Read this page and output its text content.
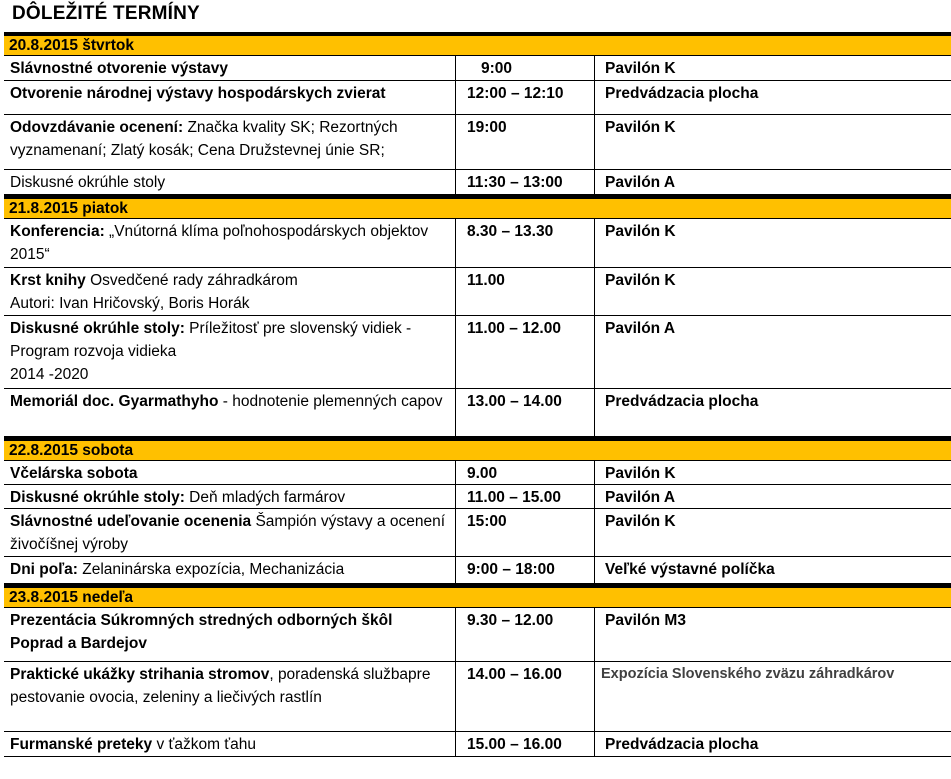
DÔLEŽITÉ TERMÍNY
20.8.2015 štvrtok
Slávnostné otvorenie výstavy	9:00	Pavilón K
Otvorenie národnej výstavy hospodárskych zvierat	12:00 – 12:10	Predvádzacia plocha
Odovzdávanie ocenení: Značka kvality SK; Rezortných vyznamenaní; Zlatý kosák; Cena Družstevnej únie SR;
19:00	Pavilón K
Diskusné okrúhle stoly	11:30 – 13:00	Pavilón A
21.8.2015 piatok
Konferencia: „Vnútorná klíma poľnohospodárskych objektov 2015“
8.30 – 13.30	Pavilón K
Krst knihy Osvedčené rady záhradkárom
Autori: Ivan Hričovský, Boris Horák
11.00	Pavilón K
Diskusné okrúhle stoly: Príležitosť pre slovenský vidiek - Program rozvoja vidieka
2014 -2020
11.00 – 12.00	Pavilón A
Memoriál doc. Gyarmathyho - hodnotenie plemenných capov	13.00 – 14.00	Predvádzacia plocha
22.8.2015 sobota
Včelárska sobota	9.00	Pavilón K
Diskusné okrúhle stoly: Deň mladých farmárov	11.00 – 15.00	Pavilón A
Slávnostné udeľovanie ocenenia Šampión výstavy a ocenení živočíšnej výroby
15:00	Pavilón K
Dni poľa: Zelaninárska expozícia, Mechanizácia	9:00 – 18:00	Veľké výstavné políčka
23.8.2015 nedeľa
Prezentácia Súkromných stredných odborných škôl Poprad a Bardejov
9.30 – 12.00	Pavilón M3
Praktické ukážky strihania stromov, poradenská službapre pestovanie ovocia, zeleniny a liečivých rastlín
14.00 – 16.00	Expozícia Slovenského zväzu záhradkárov
Furmanské preteky v ťažkom ťahu	15.00 – 16.00	Predvádzacia plocha
